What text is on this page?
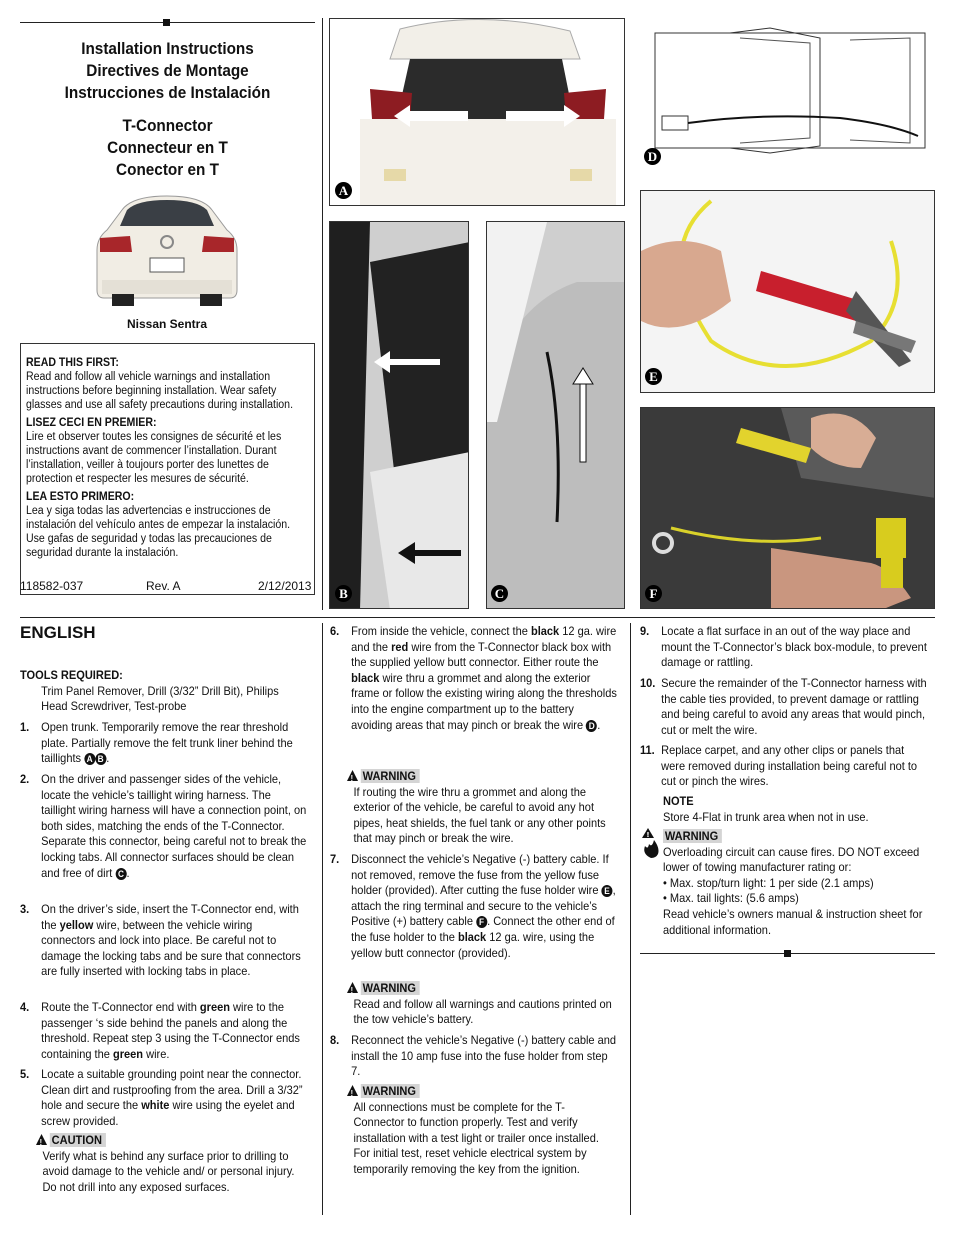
Installation Instructions
Directives de Montage
Instrucciones de Instalación
T-Connector
Connecteur en T
Conector en T
Nissan Sentra
READ THIS FIRST:

Read and follow all vehicle warnings and installation instructions before beginning installation. Wear safety glasses and use all safety precautions during installation.

LISEZ CECI EN PREMIER:

Lire et observer toutes les consignes de sécurité et les instructions avant de commencer l’installation. Durant l’installation, veiller à toujours porter des lunettes de protection et respecter les mesures de sécurité.

LEA ESTO PRIMERO:

Lea y siga todas las advertencias e instrucciones de instalación del vehículo antes de empezar la instalación. Use gafas de seguridad y todas las precauciones de seguridad durante la instalación.

118582-037	Rev. A	2/12/2013
A
D
B	C
E
F
ENGLISH
TOOLS REQUIRED:
Trim Panel Remover, Drill (3/32” Drill Bit), Philips Head Screwdriver, Test-probe
1. Open trunk. Temporarily remove the rear threshold plate. Partially remove the felt trunk liner behind the taillights A B .
2. On the driver and passenger sides of the vehicle, locate the vehicle’s taillight wiring harness. The taillight wiring harness will have a connection point, on both sides, matching the ends of the T-Connector. Separate this connector, being careful not to break the locking tabs. All connector surfaces should be clean and free of dirt C .
3. On the driver’s side, insert the T-Connector end, with the yellow wire, between the vehicle wiring connectors and lock into place. Be careful not to damage the locking tabs and be sure that connectors are fully inserted with locking tabs in place.
4. Route the T-Connector end with green wire to the passenger ‘s side behind the panels and along the threshold. Repeat step 3 using the T-Connector ends containing the green wire.
5. Locate a suitable grounding point near the connector. Clean dirt and rustproofing from the area. Drill a 3/32” hole and secure the white wire using the eyelet and screw provided.
!CAUTION
Verify what is behind any surface prior to drilling to avoid damage to the vehicle and/ or personal injury. Do not drill into any exposed surfaces.
6. From inside the vehicle, connect the black 12 ga. wire and the red wire from the T-Connector black box with the supplied yellow butt connector. Either route the black wire thru a grommet and along the exterior frame or follow the existing wiring along the thresholds into the engine compartment up to the battery avoiding areas that may pinch or break the wire D .
!WARNING
If routing the wire thru a grommet and along the exterior of the vehicle, be careful to avoid any hot pipes, heat shields, the fuel tank or any other points that may pinch or break the wire.
7. Disconnect the vehicle’s Negative (-) battery cable. If not removed, remove the fuse from the yellow fuse holder (provided). After cutting the fuse holder wire E , attach the ring terminal and secure to the vehicle’s Positive (+) battery cable F . Connect the other end of the fuse holder to the black 12 ga. wire, using the yellow butt connector (provided).
!WARNING
Read and follow all warnings and cautions printed on the tow vehicle’s battery.
8. Reconnect the vehicle’s Negative (-) battery cable and install the 10 amp fuse into the fuse holder from step 7.
!WARNING
All connections must be complete for the T-Connector to function properly. Test and verify installation with a test light or trailer once installed. For initial test, reset vehicle electrical system by temporarily removing the key from the ignition.
9. Locate a flat surface in an out of the way place and mount the T-Connector’s black box-module, to prevent damage or rattling.
10. Secure the remainder of the T-Connector harness with the cable ties provided, to prevent damage or rattling and being careful to avoid any areas that would pinch, cut or melt the wire.
11. Replace carpet, and any other clips or panels that were removed during installation being careful not to cut or pinch the wires.
NOTE
Store 4-Flat in trunk area when not in use.
! WARNING
Overloading circuit can cause fires. DO NOT exceed lower of towing manufacturer rating or:
• Max. stop/turn light: 1 per side (2.1 amps)
• Max. tail lights: (5.6 amps)
Read vehicle’s owners manual & instruction sheet for additional information.
